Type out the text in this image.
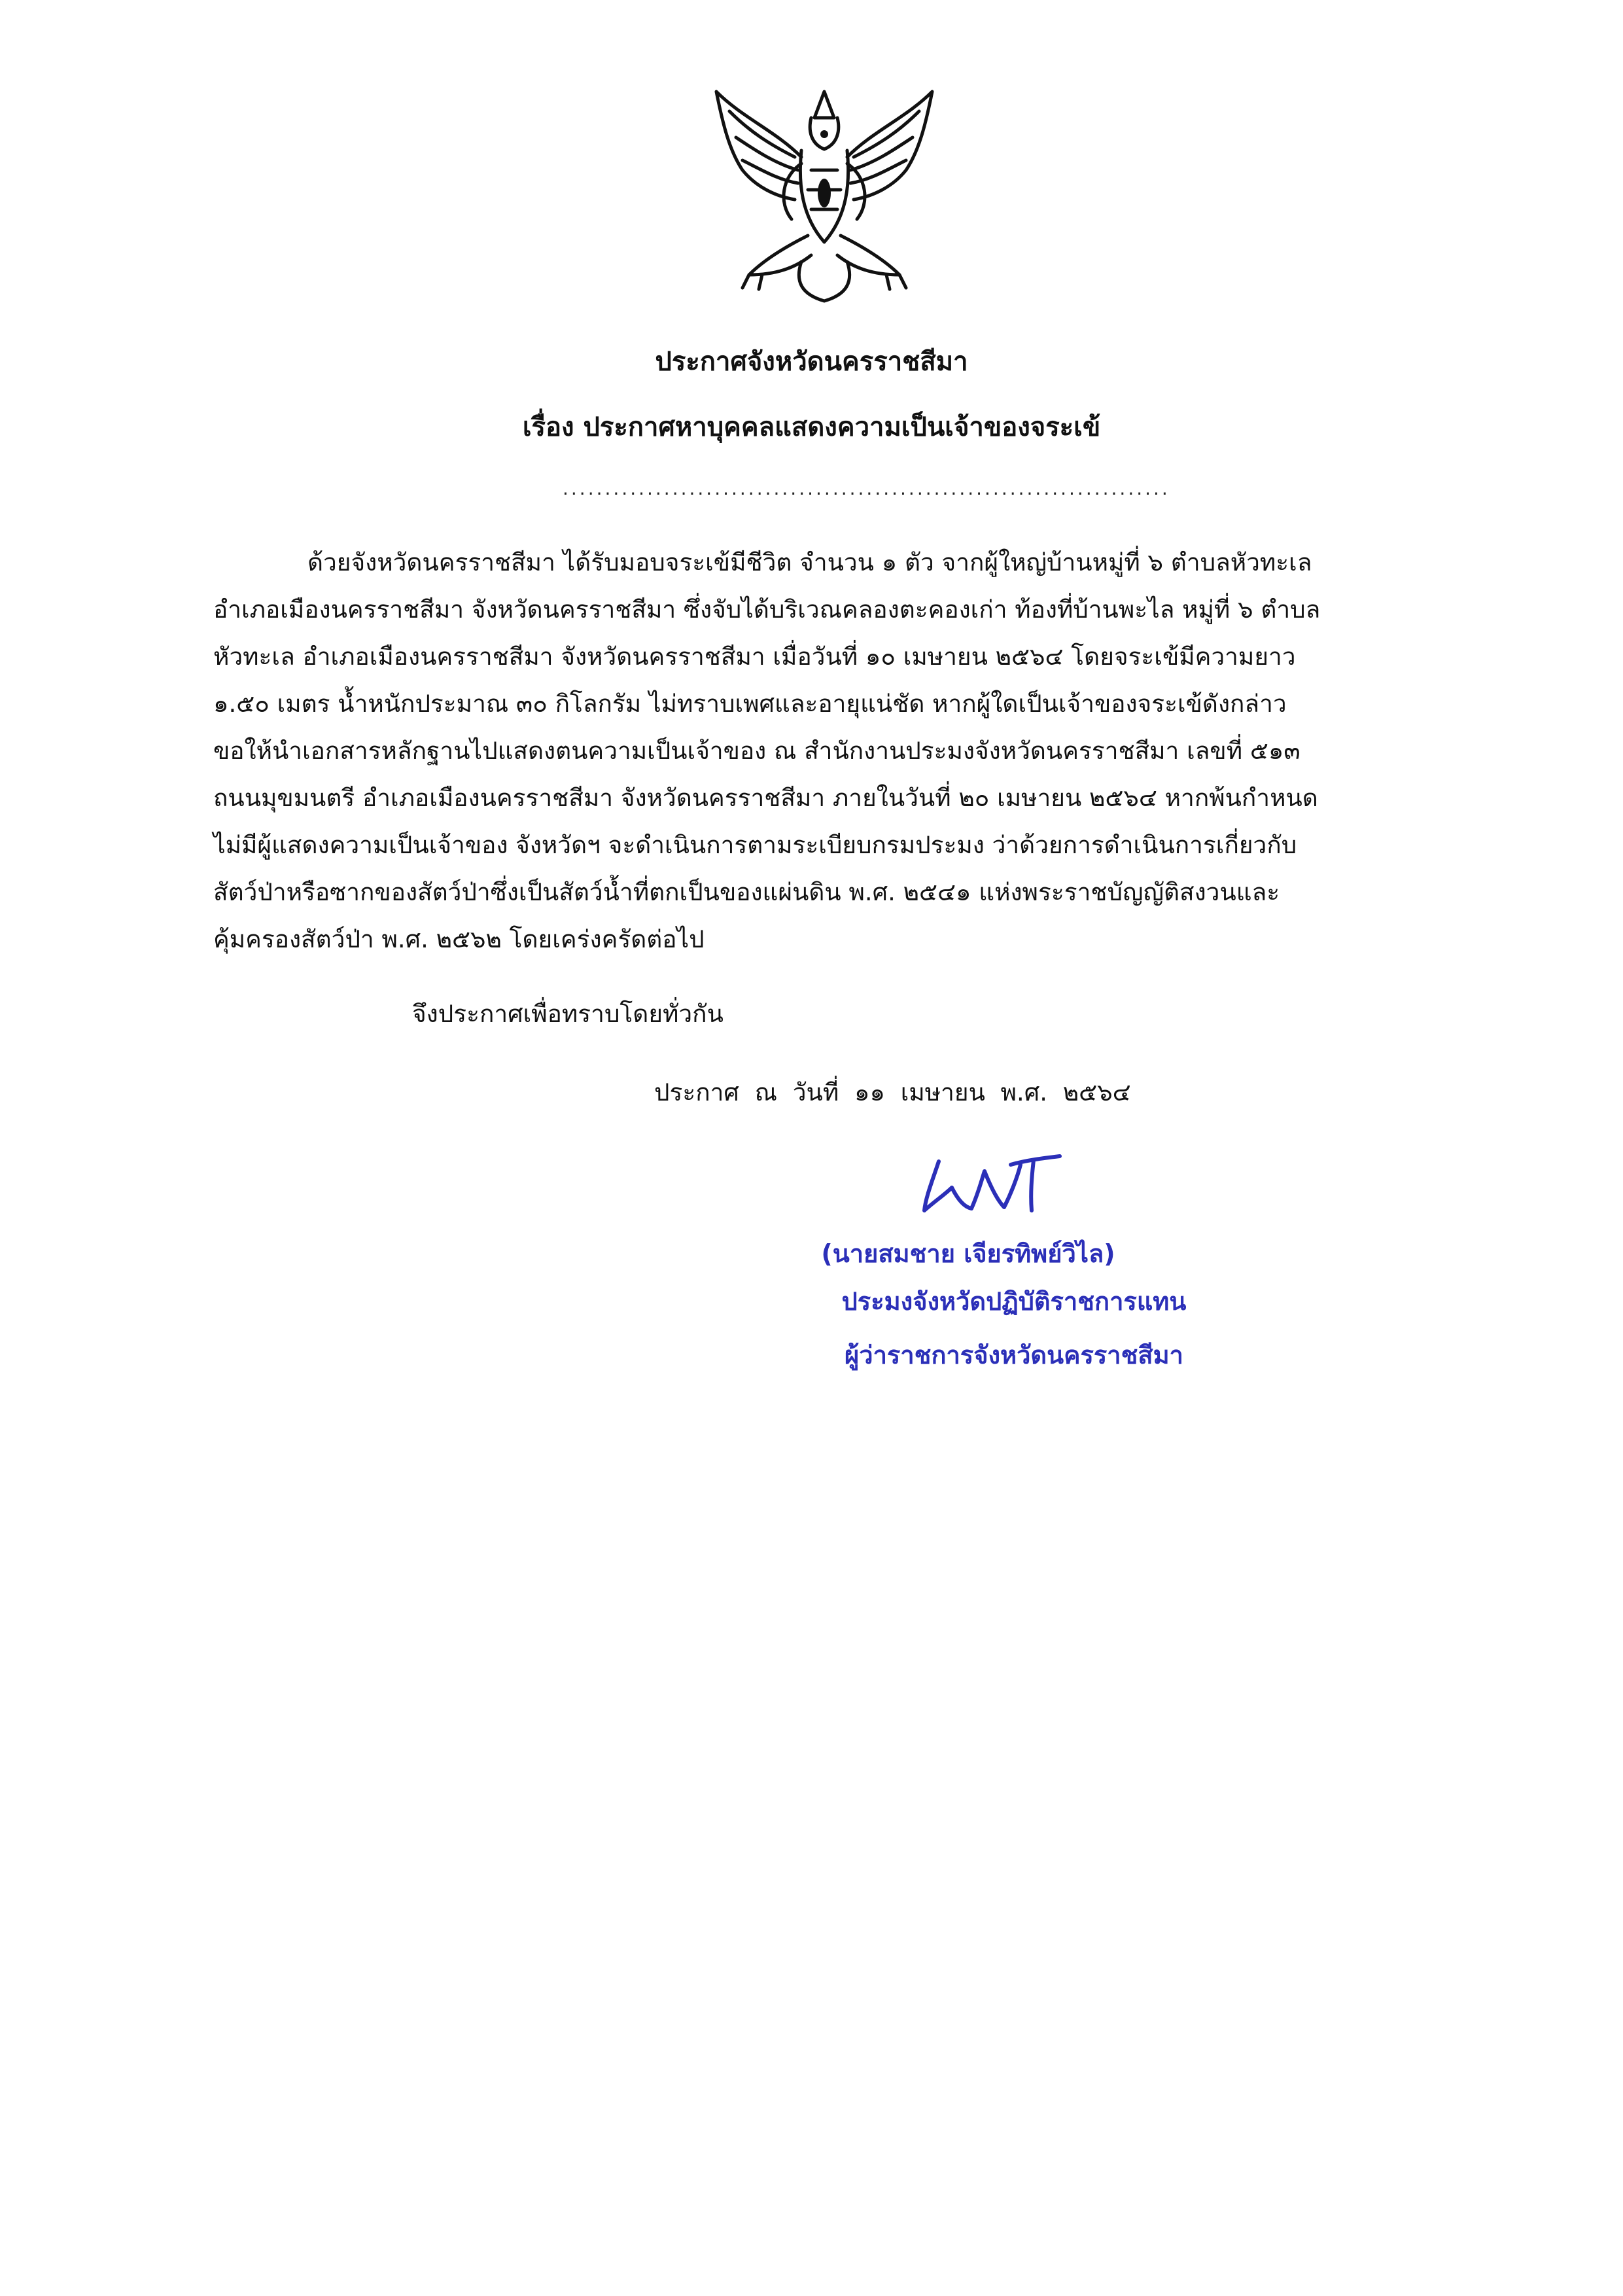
ประกาศจังหวัดนครราชสีมา
เรื่อง ประกาศหาบุคคลแสดงความเป็นเจ้าของจระเข้
........................................................................
ด้วยจังหวัดนครราชสีมา ได้รับมอบจระเข้มีชีวิต จำนวน ๑ ตัว จากผู้ใหญ่บ้านหมู่ที่ ๖ ตำบลหัวทะเล
อำเภอเมืองนครราชสีมา จังหวัดนครราชสีมา ซึ่งจับได้บริเวณคลองตะคองเก่า ท้องที่บ้านพะไล หมู่ที่ ๖ ตำบล
หัวทะเล อำเภอเมืองนครราชสีมา จังหวัดนครราชสีมา เมื่อวันที่ ๑๐ เมษายน ๒๕๖๔ โดยจระเข้มีความยาว
๑.๕๐ เมตร น้ำหนักประมาณ ๓๐ กิโลกรัม ไม่ทราบเพศและอายุแน่ชัด หากผู้ใดเป็นเจ้าของจระเข้ดังกล่าว
ขอให้นำเอกสารหลักฐานไปแสดงตนความเป็นเจ้าของ ณ สำนักงานประมงจังหวัดนครราชสีมา เลขที่ ๕๑๓
ถนนมุขมนตรี อำเภอเมืองนครราชสีมา จังหวัดนครราชสีมา ภายในวันที่ ๒๐ เมษายน ๒๕๖๔ หากพ้นกำหนด
ไม่มีผู้แสดงความเป็นเจ้าของ จังหวัดฯ จะดำเนินการตามระเบียบกรมประมง ว่าด้วยการดำเนินการเกี่ยวกับ
สัตว์ป่าหรือซากของสัตว์ป่าซึ่งเป็นสัตว์น้ำที่ตกเป็นของแผ่นดิน พ.ศ. ๒๕๔๑ แห่งพระราชบัญญัติสงวนและ
คุ้มครองสัตว์ป่า พ.ศ. ๒๕๖๒ โดยเคร่งครัดต่อไป
จึงประกาศเพื่อทราบโดยทั่วกัน
ประกาศ ณ วันที่ ๑๑ เมษายน พ.ศ. ๒๕๖๔
(นายสมชาย เจียรทิพย์วิไล)
ประมงจังหวัดปฏิบัติราชการแทน
ผู้ว่าราชการจังหวัดนครราชสีมา
